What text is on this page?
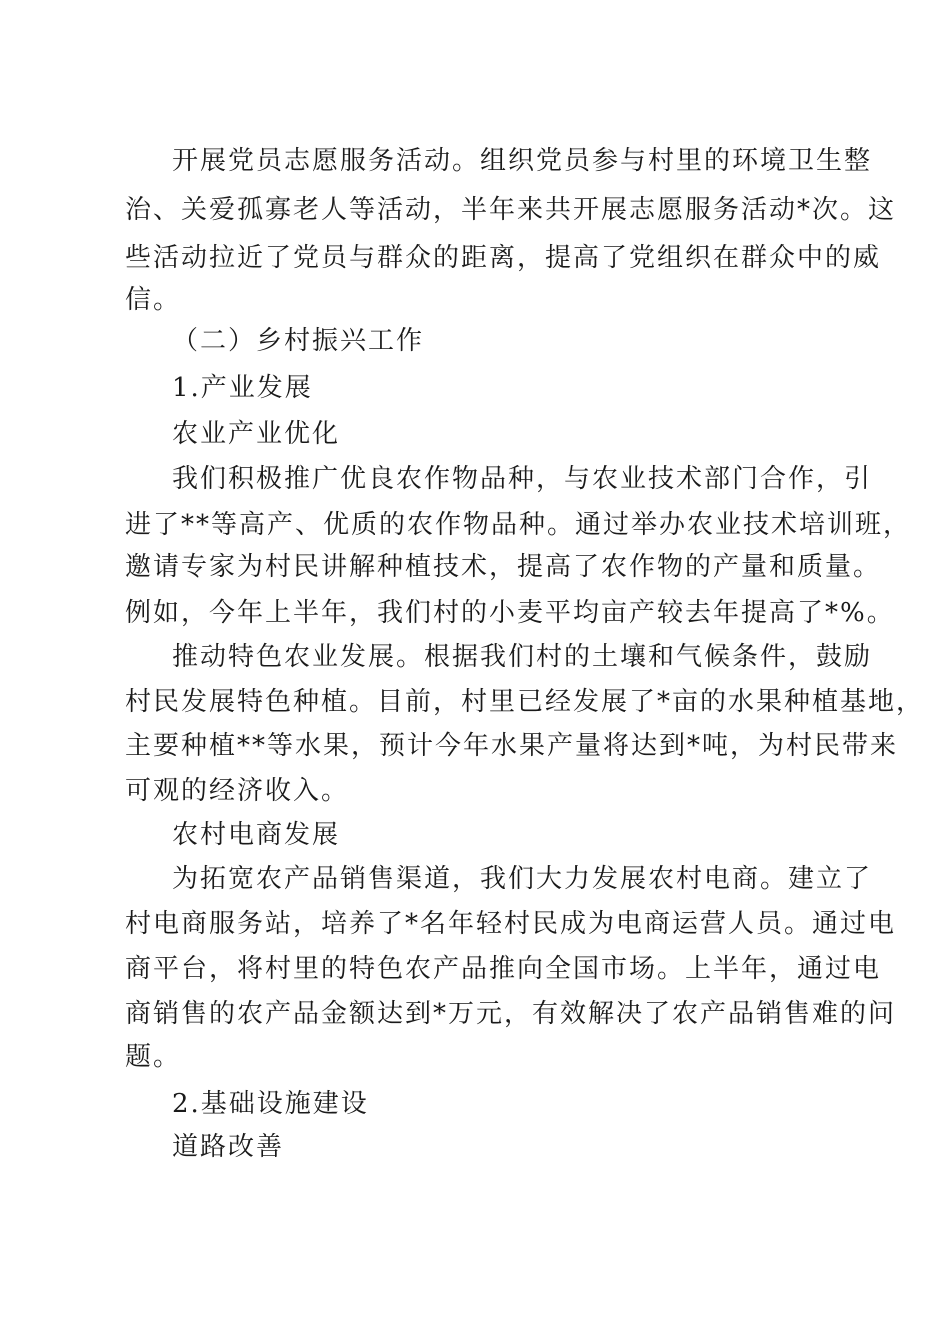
开展党员志愿服务活动。组织党员参与村里的环境卫生整

治、关爱孤寡老人等活动，半年来共开展志愿服务活动*次。这

些活动拉近了党员与群众的距离，提高了党组织在群众中的威

信。

（二）乡村振兴工作

1.产业发展

农业产业优化

我们积极推广优良农作物品种，与农业技术部门合作，引

进了**等高产、优质的农作物品种。通过举办农业技术培训班，

邀请专家为村民讲解种植技术，提高了农作物的产量和质量。

例如，今年上半年，我们村的小麦平均亩产较去年提高了*%。

推动特色农业发展。根据我们村的土壤和气候条件，鼓励

村民发展特色种植。目前，村里已经发展了*亩的水果种植基地，

主要种植**等水果，预计今年水果产量将达到*吨，为村民带来

可观的经济收入。

农村电商发展

为拓宽农产品销售渠道，我们大力发展农村电商。建立了

村电商服务站，培养了*名年轻村民成为电商运营人员。通过电

商平台，将村里的特色农产品推向全国市场。上半年，通过电

商销售的农产品金额达到*万元，有效解决了农产品销售难的问

题。

2.基础设施建设

道路改善
